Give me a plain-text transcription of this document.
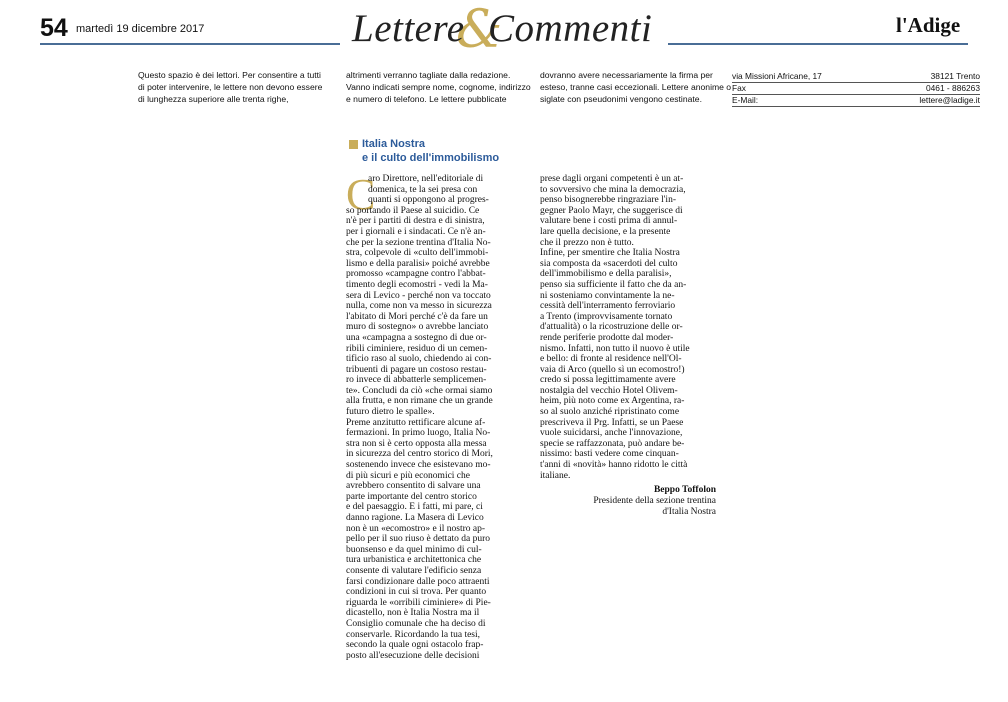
54 martedì 19 dicembre 2017	&
Lettere Commenti	l'Adige
Questo spazio è dei lettori. Per consentire a tutti
di poter intervenire, le lettere non devono essere
di lunghezza superiore alle trenta righe,
altrimenti verranno tagliate dalla redazione.
Vanno indicati sempre nome, cognome, indirizzo
e numero di telefono. Le lettere pubblicate
dovranno avere necessariamente la firma per
esteso, tranne casi eccezionali. Lettere anonime o
siglate con pseudonimi vengono cestinate.
via Missioni Africane, 17	38121 Trento
Fax	0461 - 886263
E-Mail:	lettere@ladige.it
Italia Nostra
e il culto dell'immobilismo
C
aro Direttore, nell'editoriale di
domenica, te la sei presa con
quanti si oppongono al progres-
so portando il Paese al suicidio. Ce
n'è per i partiti di destra e di sinistra,
per i giornali e i sindacati. Ce n'è an-
che per la sezione trentina d'Italia No-
stra, colpevole di «culto dell'immobi-
lismo e della paralisi» poiché avrebbe
promosso «campagne contro l'abbat-
timento degli ecomostri - vedi la Ma-
sera di Levico - perché non va toccato
nulla, come non va messo in sicurezza
l'abitato di Mori perché c'è da fare un
muro di sostegno» o avrebbe lanciato
una «campagna a sostegno di due or-
ribili ciminiere, residuo di un cemen-
tificio raso al suolo, chiedendo ai con-
tribuenti di pagare un costoso restau-
ro invece di abbatterle semplicemen-
te». Concludi da ciò «che ormai siamo
alla frutta, e non rimane che un grande
futuro dietro le spalle».
Preme anzitutto rettificare alcune af-
fermazioni. In primo luogo, Italia No-
stra non si è certo opposta alla messa
in sicurezza del centro storico di Mori,
sostenendo invece che esistevano mo-
di più sicuri e più economici che
avrebbero consentito di salvare una
parte importante del centro storico
e del paesaggio. E i fatti, mi pare, ci
danno ragione. La Masera di Levico
non è un «ecomostro» e il nostro ap-
pello per il suo riuso è dettato da puro
buonsenso e da quel minimo di cul-
tura urbanistica e architettonica che
consente di valutare l'edificio senza
farsi condizionare dalle poco attraenti
condizioni in cui si trova. Per quanto
riguarda le «orribili ciminiere» di Pie-
dicastello, non è Italia Nostra ma il
Consiglio comunale che ha deciso di
conservarle. Ricordando la tua tesi,
secondo la quale ogni ostacolo frap-
posto all'esecuzione delle decisioni
prese dagli organi competenti è un at-
to sovversivo che mina la democrazia,
penso bisognerebbe ringraziare l'in-
gegner Paolo Mayr, che suggerisce di
valutare bene i costi prima di annul-
lare quella decisione, e la presente
che il prezzo non è tutto.
Infine, per smentire che Italia Nostra
sia composta da «sacerdoti del culto
dell'immobilismo e della paralisi»,
penso sia sufficiente il fatto che da an-
ni sosteniamo convintamente la ne-
cessità dell'interramento ferroviario
a Trento (improvvisamente tornato
d'attualità) o la ricostruzione delle or-
rende periferie prodotte dal moder-
nismo. Infatti, non tutto il nuovo è utile
e bello: di fronte al residence nell'Ol-
vaia di Arco (quello sì un ecomostro!)
credo si possa legittimamente avere
nostalgia del vecchio Hotel Olivem-
heim, più noto come ex Argentina, ra-
so al suolo anziché ripristinato come
prescriveva il Prg. Infatti, se un Paese
vuole suicidarsi, anche l'innovazione,
specie se raffazzonata, può andare be-
nissimo: basti vedere come cinquan-
t'anni di «novità» hanno ridotto le città
italiane.
Beppo Toffolon
Presidente della sezione trentina
d'Italia Nostra
